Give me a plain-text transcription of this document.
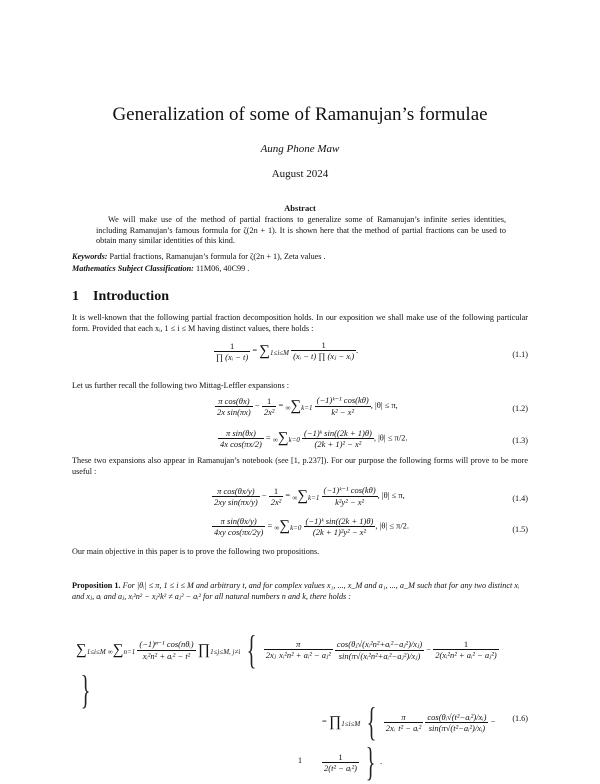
Generalization of some of Ramanujan’s formulae
Aung Phone Maw
August 2024
Abstract
We will make use of the method of partial fractions to generalize some of Ramanujan’s infinite series identities, including Ramanujan’s famous formula for ζ(2n + 1). It is shown here that the method of partial fractions can be used to obtain many similar identities of this kind.
Keywords: Partial fractions, Ramanujan’s formula for ζ(2n + 1), Zeta values .
Mathematics Subject Classification: 11M06, 40C99 .
1 Introduction
It is well-known that the following partial fraction decomposition holds. In our exposition we shall make use of the following particular form. Provided that each xᵢ, 1 ≤ i ≤ M having distinct values, there holds :
$\frac{1}{\text{∏ (xᵢ − t)}} = \sum 1\le i\le M \frac{1}{\text{(xᵢ − t) ∏ (xⱼ − xᵢ)}}$ .	(1.1)
Let us further recall the following two Mittag-Leffler expansions :
$\frac{\text{π cos(θx)}}{\text{2x sin(πx)}} - \frac{1}{\text{2x²}} = \infty\sum k=1 \frac{\text{(−1)ᵏ⁻¹ cos(kθ)}}{\text{k² − x²}}$ , |θ| ≤ π,	(1.2)
$\frac{\text{π sin(θx)}}{\text{4x cos(πx/2)}} = \infty\sum k=0 \frac{\text{(−1)ᵏ sin((2k + 1)θ)}}{\text{(2k + 1)² − x²}}$ , |θ| ≤ π/2.	(1.3)
These two expansions also appear in Ramanujan’s notebook (see [1, p.237]). For our purpose the following forms will prove to be more useful :
$\frac{\text{π cos(θx/y)}}{\text{2xy sin(πx/y)}} - \frac{1}{\text{2x²}} = \infty\sum k=1 \frac{\text{(−1)ᵏ⁻¹ cos(kθ)}}{\text{k²y² − x²}}$ , |θ| ≤ π,	(1.4)
$\frac{\text{π sin(θx/y)}}{\text{4xy cos(πx/2y)}} = \infty\sum k=0 \frac{\text{(−1)ᵏ sin((2k + 1)θ)}}{\text{(2k + 1)²y² − x²}}$ , |θ| ≤ π/2.	(1.5)
Our main objective in this paper is to prove the following two propositions.
Proposition 1. For |θᵢ| ≤ π, 1 ≤ i ≤ M and arbitrary t, and for complex values x₁, ..., x_M and a₁, ..., a_M such that for any two distinct xᵢ and xⱼ, aᵢ and aⱼ, xᵢ²n² − xⱼ²k² ≠ aⱼ² − aᵢ² for all natural numbers n and k, there holds :
∑1≤i≤M $\infty\sum n=1 \frac{\text{(−1)ⁿ⁻¹ cos(nθᵢ)}}{\text{xᵢ²n² + aᵢ² − t²}}$ ∏1≤j≤M, j≠i { $\frac{\pi}{\text{2xⱼ xᵢ²n² + aᵢ² − aⱼ²}}$
$\frac{\text{cos(θⱼ√(xᵢ²n²+aᵢ²−aⱼ²)/xⱼ)}}{\text{sin(π√(xᵢ²n²+aᵢ²−aⱼ²)/xⱼ)}} - \frac{1}{\text{2(xᵢ²n² + aᵢ² − aⱼ²)}}$
}
= ∏1≤i≤M { $\frac{\pi}{\text{2xᵢ t² − aᵢ²}}$
$\frac{\text{cos(θᵢ√(t²−aᵢ²)/xᵢ)}}{\text{sin(π√(t²−aᵢ²)/xᵢ)}}$ −
$\frac{1}{\text{2(t² − aᵢ²)}}$ } .
(1.6)
1
